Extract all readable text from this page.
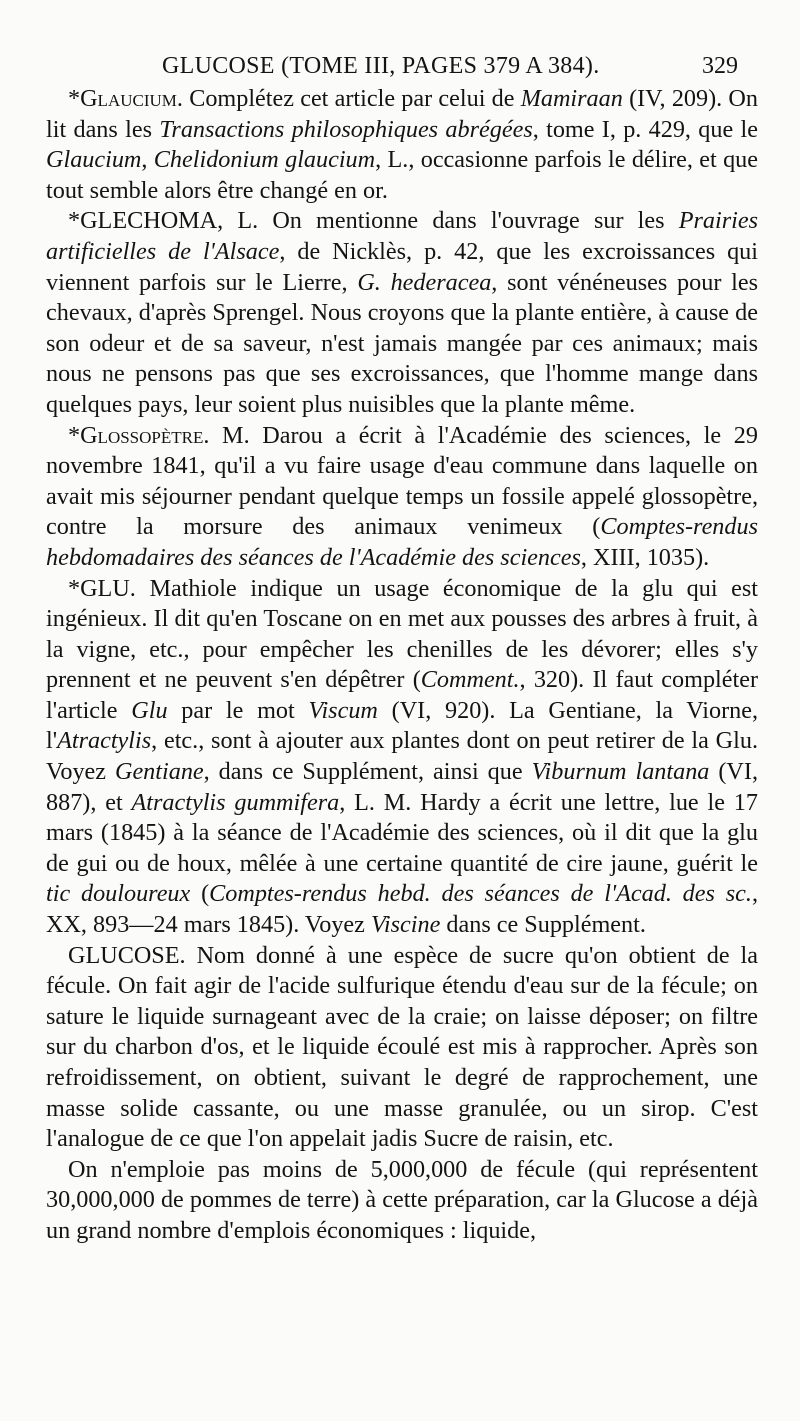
GLUCOSE (TOME III, PAGES 379 A 384).	329

*Glaucium. Complétez cet article par celui de Mamiraan (IV, 209). On lit dans les Transactions philosophiques abrégées, tome I, p. 429, que le Glaucium, Chelidonium glaucium, L., occasionne parfois le délire, et que tout semble alors être changé en or.

*GLECHOMA, L. On mentionne dans l'ouvrage sur les Prairies artificielles de l'Alsace, de Nicklès, p. 42, que les excroissances qui viennent parfois sur le Lierre, G. hederacea, sont vénéneuses pour les chevaux, d'après Sprengel. Nous croyons que la plante entière, à cause de son odeur et de sa saveur, n'est jamais mangée par ces animaux; mais nous ne pensons pas que ses excroissances, que l'homme mange dans quelques pays, leur soient plus nuisibles que la plante même.

*Glossopètre. M. Darou a écrit à l'Académie des sciences, le 29 novembre 1841, qu'il a vu faire usage d'eau commune dans laquelle on avait mis séjourner pendant quelque temps un fossile appelé glossopètre, contre la morsure des animaux venimeux (Comptes-rendus hebdomadaires des séances de l'Académie des sciences, XIII, 1035).

*GLU. Mathiole indique un usage économique de la glu qui est ingénieux. Il dit qu'en Toscane on en met aux pousses des arbres à fruit, à la vigne, etc., pour empêcher les chenilles de les dévorer; elles s'y prennent et ne peuvent s'en dépêtrer (Comment., 320). Il faut compléter l'article Glu par le mot Viscum (VI, 920). La Gentiane, la Viorne, l'Atractylis, etc., sont à ajouter aux plantes dont on peut retirer de la Glu. Voyez Gentiane, dans ce Supplément, ainsi que Viburnum lantana (VI, 887), et Atractylis gummifera, L. M. Hardy a écrit une lettre, lue le 17 mars (1845) à la séance de l'Académie des sciences, où il dit que la glu de gui ou de houx, mêlée à une certaine quantité de cire jaune, guérit le tic douloureux (Comptes-rendus hebd. des séances de l'Acad. des sc., XX, 893—24 mars 1845). Voyez Viscine dans ce Supplément.

GLUCOSE. Nom donné à une espèce de sucre qu'on obtient de la fécule. On fait agir de l'acide sulfurique étendu d'eau sur de la fécule; on sature le liquide surnageant avec de la craie; on laisse déposer; on filtre sur du charbon d'os, et le liquide écoulé est mis à rapprocher. Après son refroidissement, on obtient, suivant le degré de rapprochement, une masse solide cassante, ou une masse granulée, ou un sirop. C'est l'analogue de ce que l'on appelait jadis Sucre de raisin, etc.

On n'emploie pas moins de 5,000,000 de fécule (qui représentent 30,000,000 de pommes de terre) à cette préparation, car la Glucose a déjà un grand nombre d'emplois économiques : liquide,
